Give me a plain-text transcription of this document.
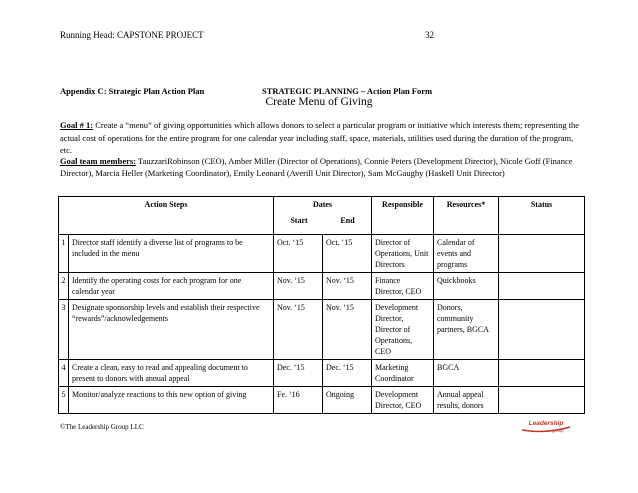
Running Head: CAPSTONE PROJECT	32
Appendix C: Strategic Plan Action Plan	STRATEGIC PLANNING – Action Plan Form
Create Menu of Giving
Goal # 1: Create a “menu” of giving opportunities which allows donors to select a particular program or initiative which interests them; representing the actual cost of operations for the entire program for one calendar year including staff, space, materials, utilities used during the duration of the program, etc.
Goal team members: TauzzariRobinson (CEO), Amber Miller (Director of Operations), Connie Peters (Development Director), Nicole Goff (Finance Director), Marcia Heller (Marketing Coordinator), Emily Leonard (Averill Unit Director), Sam McGaughy (Haskell Unit Director)
Action Steps		Dates
Start End		Responsible	Resources*	Status
1	Director staff identify a diverse list of programs to be included in the menu	Oct. ‘15	Oct. ‘15	Director of Operations, Unit Directors	Calendar of events and programs	
2	Identify the operating costs for each program for one calendar year	Nov. ‘15	Nov. ‘15	Finance Director, CEO	Quickbooks	
3	Designate sponsorship levels and establish their respective “rewards”/acknowledgements	Nov. ‘15	Nov. ‘15	Development Director, Director of Operations, CEO	Donors, community partners, BGCA	
4	Create a clean, easy to read and appealing document to present to donors with annual appeal	Dec. ‘15	Dec. ‘15	Marketing Coordinator	BGCA	
5	Monitor/analyze reactions to this new option of giving	Fe. ‘16	Ongoing	Development Director, CEO	Annual appeal results, donors	
©The Leadership Group LLC	Leadership
group
